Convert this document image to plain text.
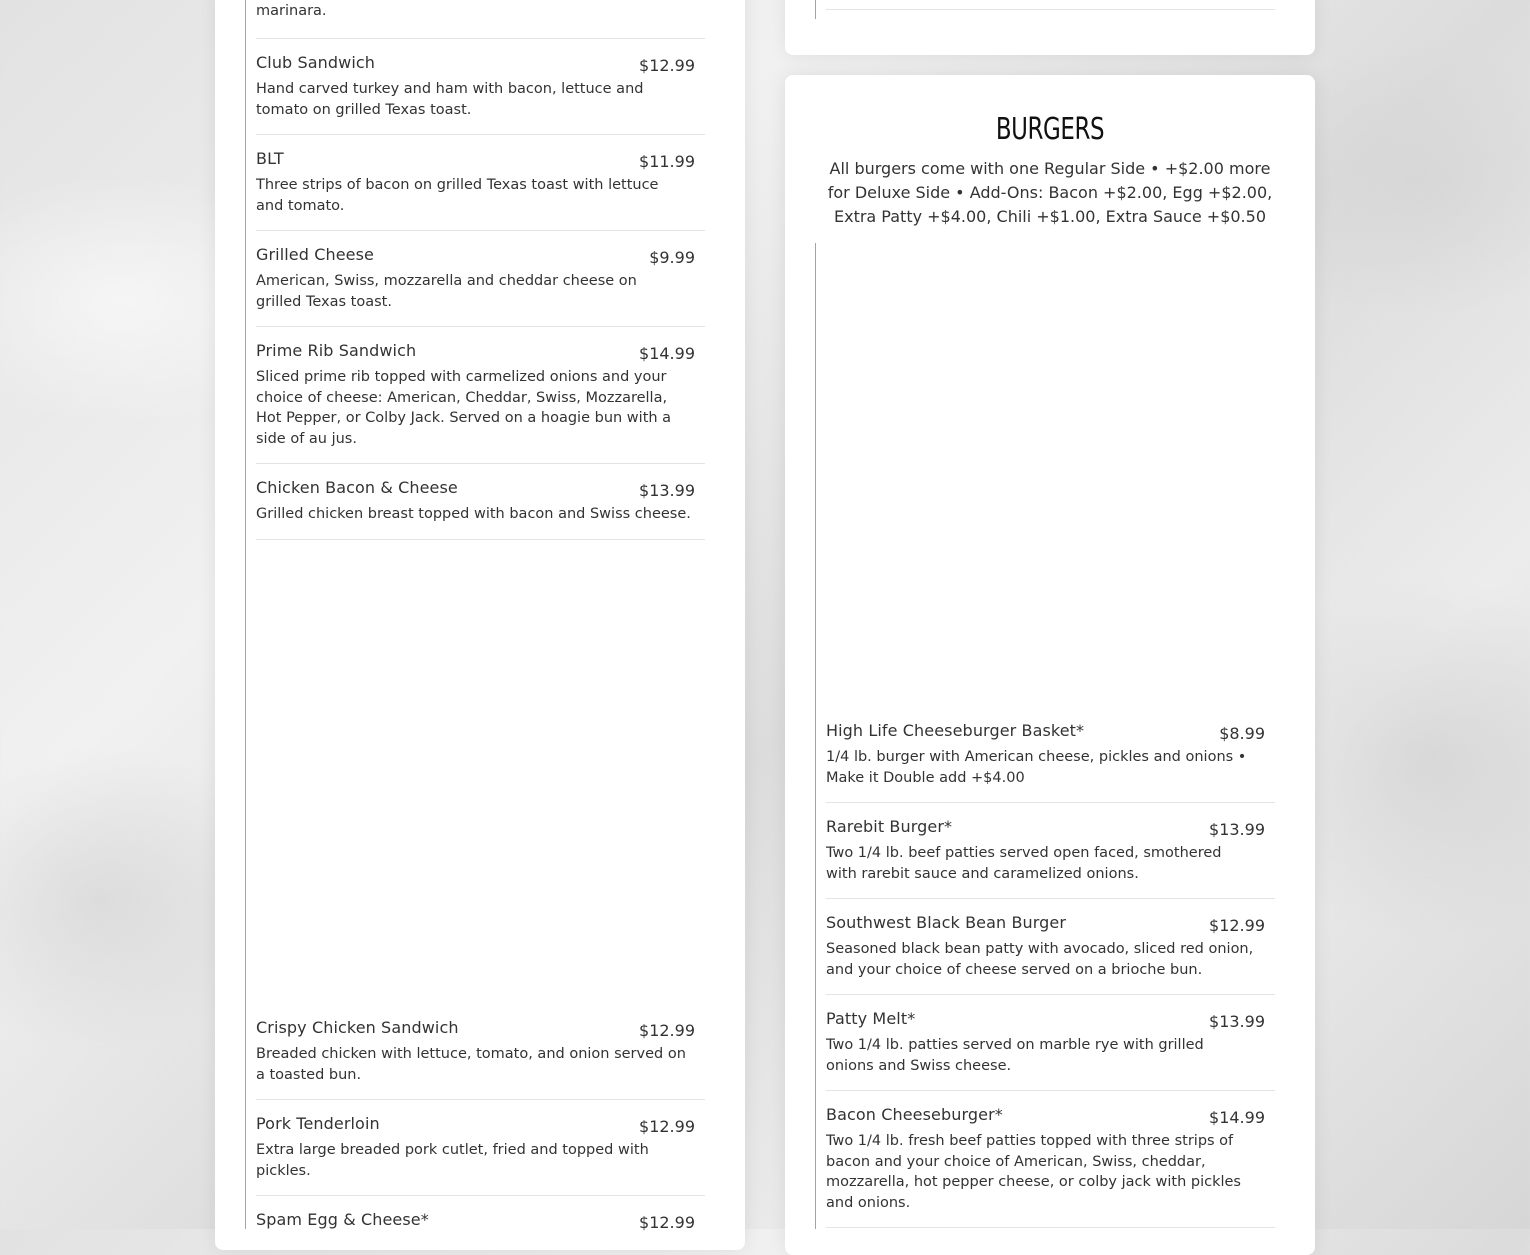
marinara.
Club Sandwich	$12.99
Hand carved turkey and ham with bacon, lettuce and tomato on grilled Texas toast.
BLT	$11.99
Three strips of bacon on grilled Texas toast with lettuce and tomato.
Grilled Cheese	$9.99
American, Swiss, mozzarella and cheddar cheese on grilled Texas toast.
Prime Rib Sandwich	$14.99
Sliced prime rib topped with carmelized onions and your choice of cheese: American, Cheddar, Swiss, Mozzarella, Hot Pepper, or Colby Jack. Served on a hoagie bun with a side of au jus.
Chicken Bacon & Cheese	$13.99
Grilled chicken breast topped with bacon and Swiss cheese.
Crispy Chicken Sandwich	$12.99
Breaded chicken with lettuce, tomato, and onion served on a toasted bun.
Pork Tenderloin	$12.99
Extra large breaded pork cutlet, fried and topped with pickles.
Spam Egg & Cheese*	$12.99
BURGERS
All burgers come with one Regular Side • +$2.00 more for Deluxe Side • Add-Ons: Bacon +$2.00, Egg +$2.00, Extra Patty +$4.00, Chili +$1.00, Extra Sauce +$0.50
High Life Cheeseburger Basket*	$8.99
1/4 lb. burger with American cheese, pickles and onions • Make it Double add +$4.00
Rarebit Burger*	$13.99
Two 1/4 lb. beef patties served open faced, smothered with rarebit sauce and caramelized onions.
Southwest Black Bean Burger	$12.99
Seasoned black bean patty with avocado, sliced red onion, and your choice of cheese served on a brioche bun.
Patty Melt*	$13.99
Two 1/4 lb. patties served on marble rye with grilled onions and Swiss cheese.
Bacon Cheeseburger*	$14.99
Two 1/4 lb. fresh beef patties topped with three strips of bacon and your choice of American, Swiss, cheddar, mozzarella, hot pepper cheese, or colby jack with pickles and onions.
